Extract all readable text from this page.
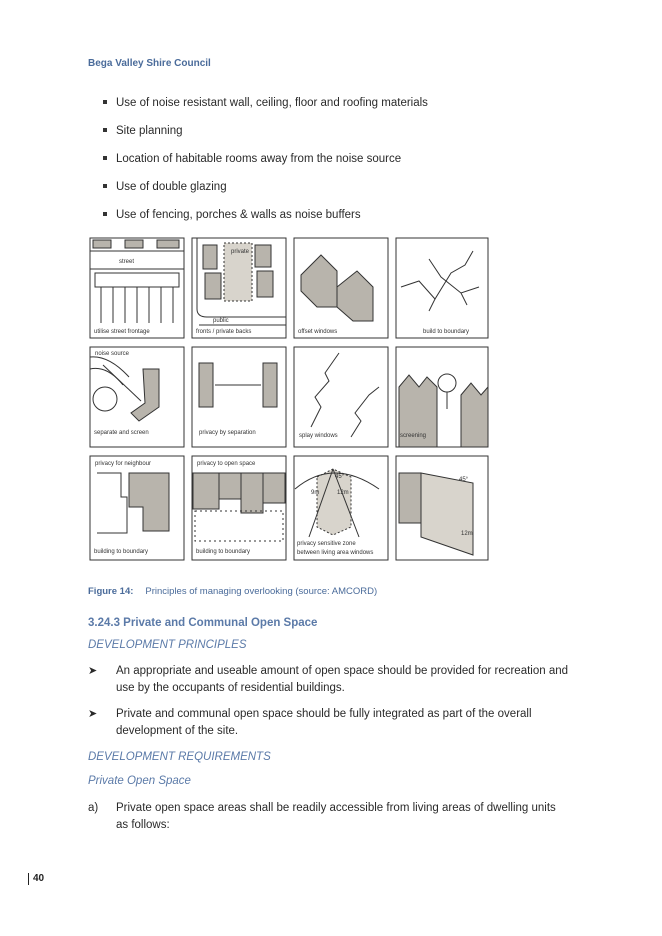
Bega Valley Shire Council
Use of noise resistant wall, ceiling, floor and roofing materials
Site planning
Location of habitable rooms away from the noise source
Use of double glazing
Use of fencing, porches & walls as noise buffers
street
utilise street frontage
private
public
fronts / private backs	offset windows	build to boundary
noise source
separate and screen	privacy by separation	splay windows	screening
privacy for neighbour
building to boundary
privacy to open space
building to boundary
45°
9m	12m
privacy sensitive zone
between living area windows
45°
12m
Figure 14: Principles of managing overlooking (source: AMCORD)
3.24.3 Private and Communal Open Space
DEVELOPMENT PRINCIPLES
➤ An appropriate and useable amount of open space should be provided for recreation and use by the occupants of residential buildings.
➤ Private and communal open space should be fully integrated as part of the overall development of the site.
DEVELOPMENT REQUIREMENTS
Private Open Space
a) Private open space areas shall be readily accessible from living areas of dwelling units as follows:
40
